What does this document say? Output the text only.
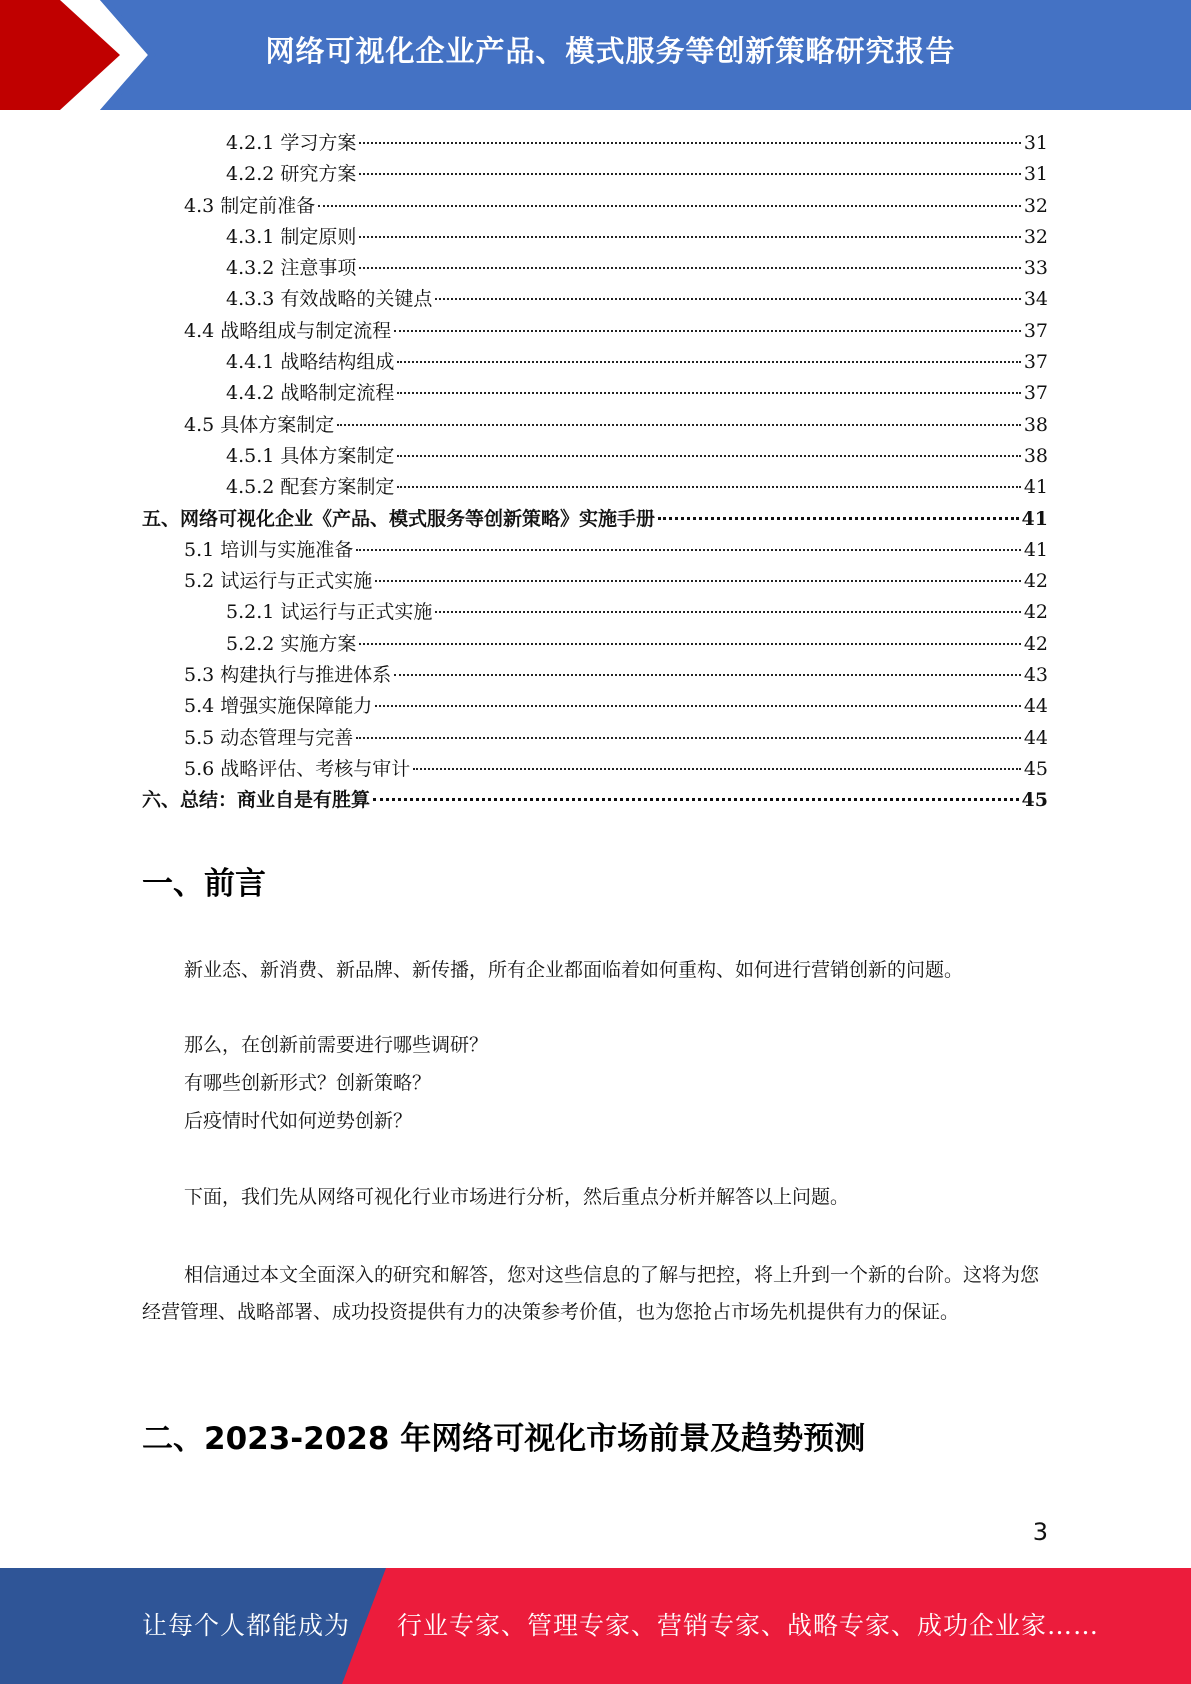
网络可视化企业产品、模式服务等创新策略研究报告
4.2.1 学习方案	31
4.2.2 研究方案	31
4.3 制定前准备	32
4.3.1 制定原则	32
4.3.2 注意事项	33
4.3.3 有效战略的关键点	34
4.4 战略组成与制定流程	37
4.4.1 战略结构组成	37
4.4.2 战略制定流程	37
4.5 具体方案制定	38
4.5.1 具体方案制定	38
4.5.2 配套方案制定	41
五、网络可视化企业《产品、模式服务等创新策略》实施手册	41
5.1 培训与实施准备	41
5.2 试运行与正式实施	42
5.2.1 试运行与正式实施	42
5.2.2 实施方案	42
5.3 构建执行与推进体系	43
5.4 增强实施保障能力	44
5.5 动态管理与完善	44
5.6 战略评估、考核与审计	45
六、总结：商业自是有胜算	45
一、前言

新业态、新消费、新品牌、新传播，所有企业都面临着如何重构、如何进行营销创新的问题。

那么，在创新前需要进行哪些调研？

有哪些创新形式？创新策略？

后疫情时代如何逆势创新？

下面，我们先从网络可视化行业市场进行分析，然后重点分析并解答以上问题。

相信通过本文全面深入的研究和解答，您对这些信息的了解与把控，将上升到一个新的台阶。这将为您经营管理、战略部署、成功投资提供有力的决策参考价值，也为您抢占市场先机提供有力的保证。

二、2023-2028 年网络可视化市场前景及趋势预测
3
让每个人都能成为 行业专家、管理专家、营销专家、战略专家、成功企业家……
